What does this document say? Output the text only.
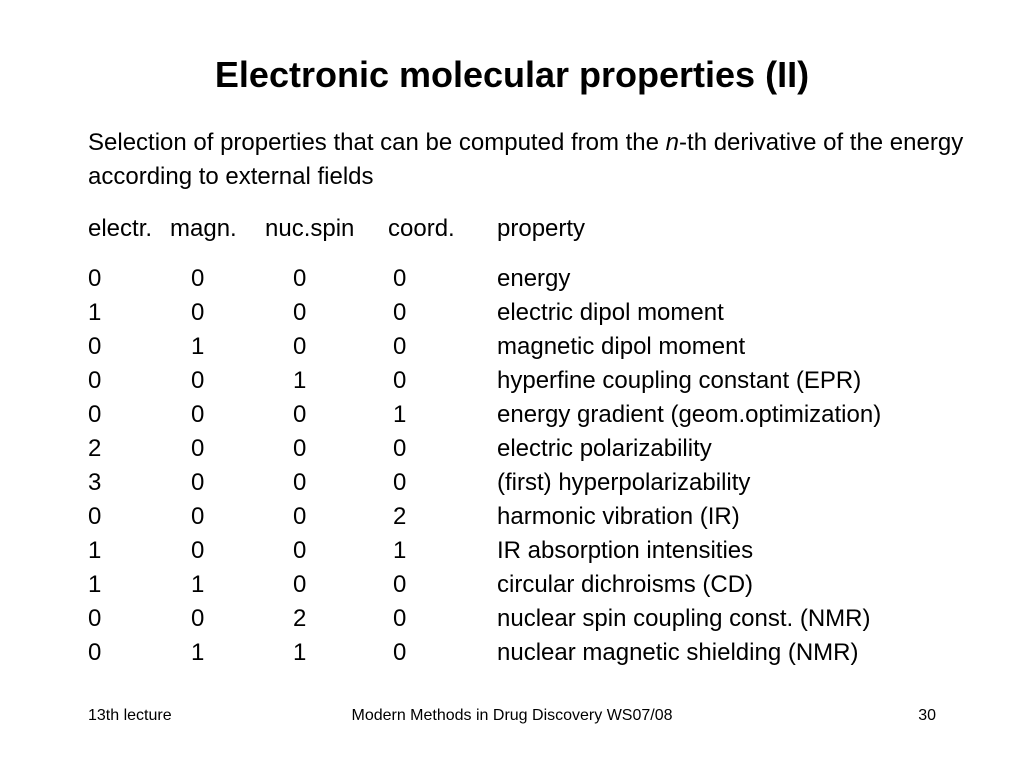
Electronic molecular properties (II)

Selection of properties that can be computed from the n-th derivative of the energy according to external fields

electr. magn. nuc.spin coord. property
0	0	0	0	energy
1	0	0	0	electric dipol moment
0	1	0	0	magnetic dipol moment
0	0	1	0	hyperfine coupling constant (EPR)
0	0	0	1	energy gradient (geom.optimization)
2	0	0	0	electric polarizability
3	0	0	0	(first) hyperpolarizability
0	0	0	2	harmonic vibration (IR)
1	0	0	1	IR absorption intensities
1	1	0	0	circular dichroisms (CD)
0	0	2	0	nuclear spin coupling const. (NMR)
0	1	1	0	nuclear magnetic shielding (NMR)
13th lecture	Modern Methods in Drug Discovery WS07/08	30
